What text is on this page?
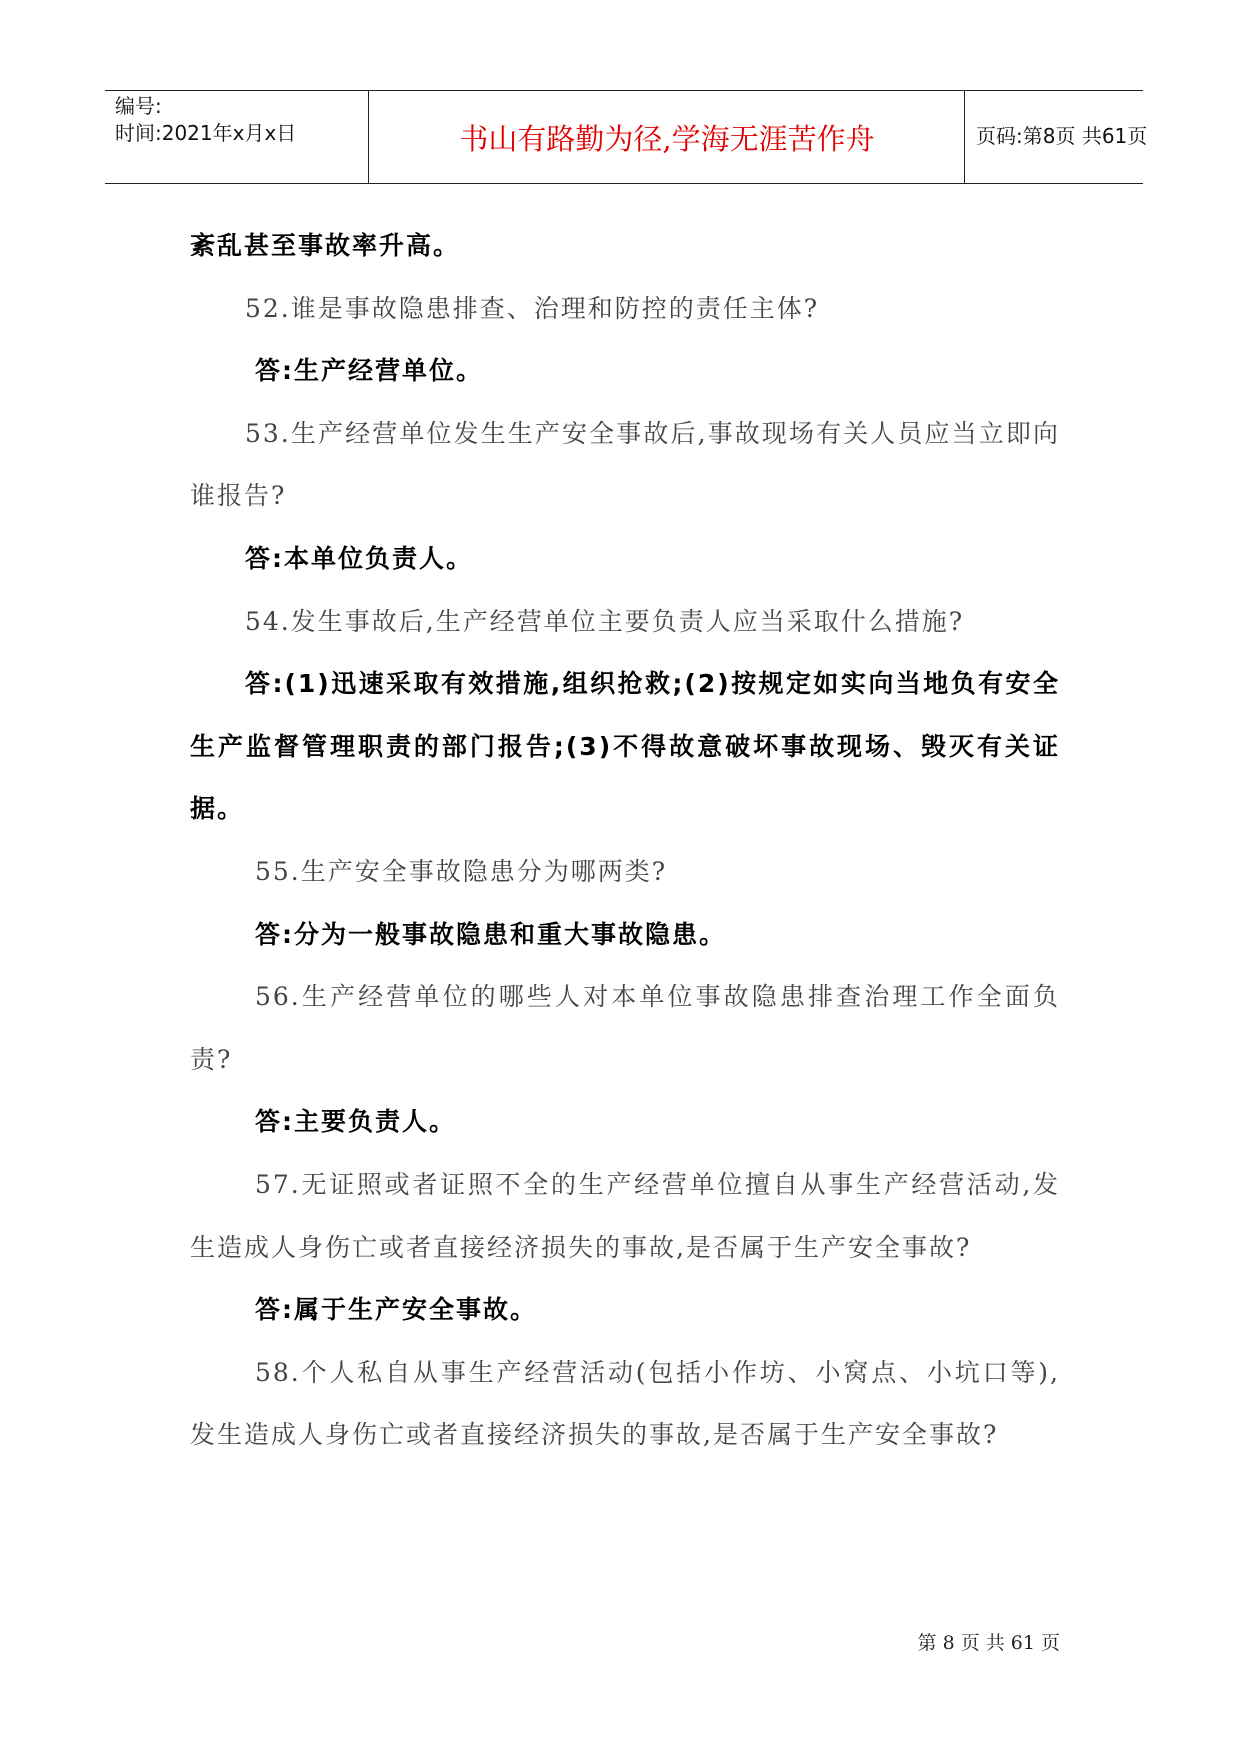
编号:
时间:2021年x月x日	书山有路勤为径,学海无涯苦作舟	页码:第8页 共61页

紊乱甚至事故率升高。

52.谁是事故隐患排查、治理和防控的责任主体?

答:生产经营单位。

53.生产经营单位发生生产安全事故后,事故现场有关人员应当立即向谁报告?

答:本单位负责人。

54.发生事故后,生产经营单位主要负责人应当采取什么措施?

答:(1)迅速采取有效措施,组织抢救;(2)按规定如实向当地负有安全生产监督管理职责的部门报告;(3)不得故意破坏事故现场、毁灭有关证据。

55.生产安全事故隐患分为哪两类?

答:分为一般事故隐患和重大事故隐患。

56.生产经营单位的哪些人对本单位事故隐患排查治理工作全面负责?

答:主要负责人。

57.无证照或者证照不全的生产经营单位擅自从事生产经营活动,发生造成人身伤亡或者直接经济损失的事故,是否属于生产安全事故?

答:属于生产安全事故。

58.个人私自从事生产经营活动(包括小作坊、小窝点、小坑口等),发生造成人身伤亡或者直接经济损失的事故,是否属于生产安全事故?

第 8 页 共 61 页
